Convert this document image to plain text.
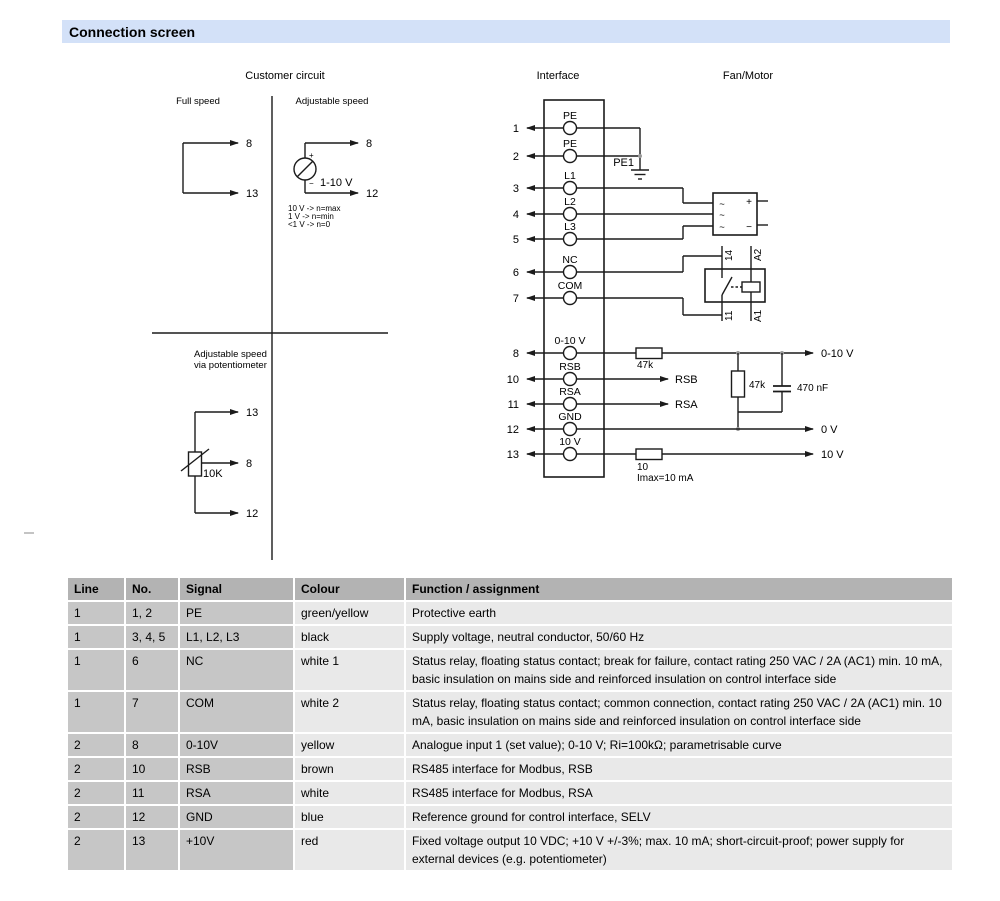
Connection screen
Customer circuit
Full speed	Adjustable speed
8
13
+
− 1-10 V
8
12
10 V -> n=max
1 V -> n=min
<1 V -> n=0
Adjustable speed
via potentiometer
10K
13
8
12
Interface
PE
1
PE
2
L1
3
L2
4
L3
5
NC
6
COM
7
0-10 V
8
RSB
10
RSA
11
GND
12
10 V
13
PE1
Fan/Motor
~
~
~
+
−
14
11
A2
A1
47k
0-10 V
47k	470 nF
RSB
RSA
0 V
10 V
10
Imax=10 mA
Line	No.	Signal	Colour	Function / assignment
1	1, 2	PE	green/yellow	Protective earth
1	3, 4, 5	L1, L2, L3	black	Supply voltage, neutral conductor, 50/60 Hz
1	6	NC	white 1	Status relay, floating status contact; break for failure, contact rating 250 VAC / 2A (AC1) min. 10 mA, basic insulation on mains side and reinforced insulation on control interface side
1	7	COM	white 2	Status relay, floating status contact; common connection, contact rating 250 VAC / 2A (AC1) min. 10 mA, basic insulation on mains side and reinforced insulation on control interface side
2	8	0-10V	yellow	Analogue input 1 (set value); 0-10 V; Ri=100kΩ; parametrisable curve
2	10	RSB	brown	RS485 interface for Modbus, RSB
2	11	RSA	white	RS485 interface for Modbus, RSA
2	12	GND	blue	Reference ground for control interface, SELV
2	13	+10V	red	Fixed voltage output 10 VDC; +10 V +/-3%; max. 10 mA; short-circuit-proof; power supply for external devices (e.g. potentiometer)
